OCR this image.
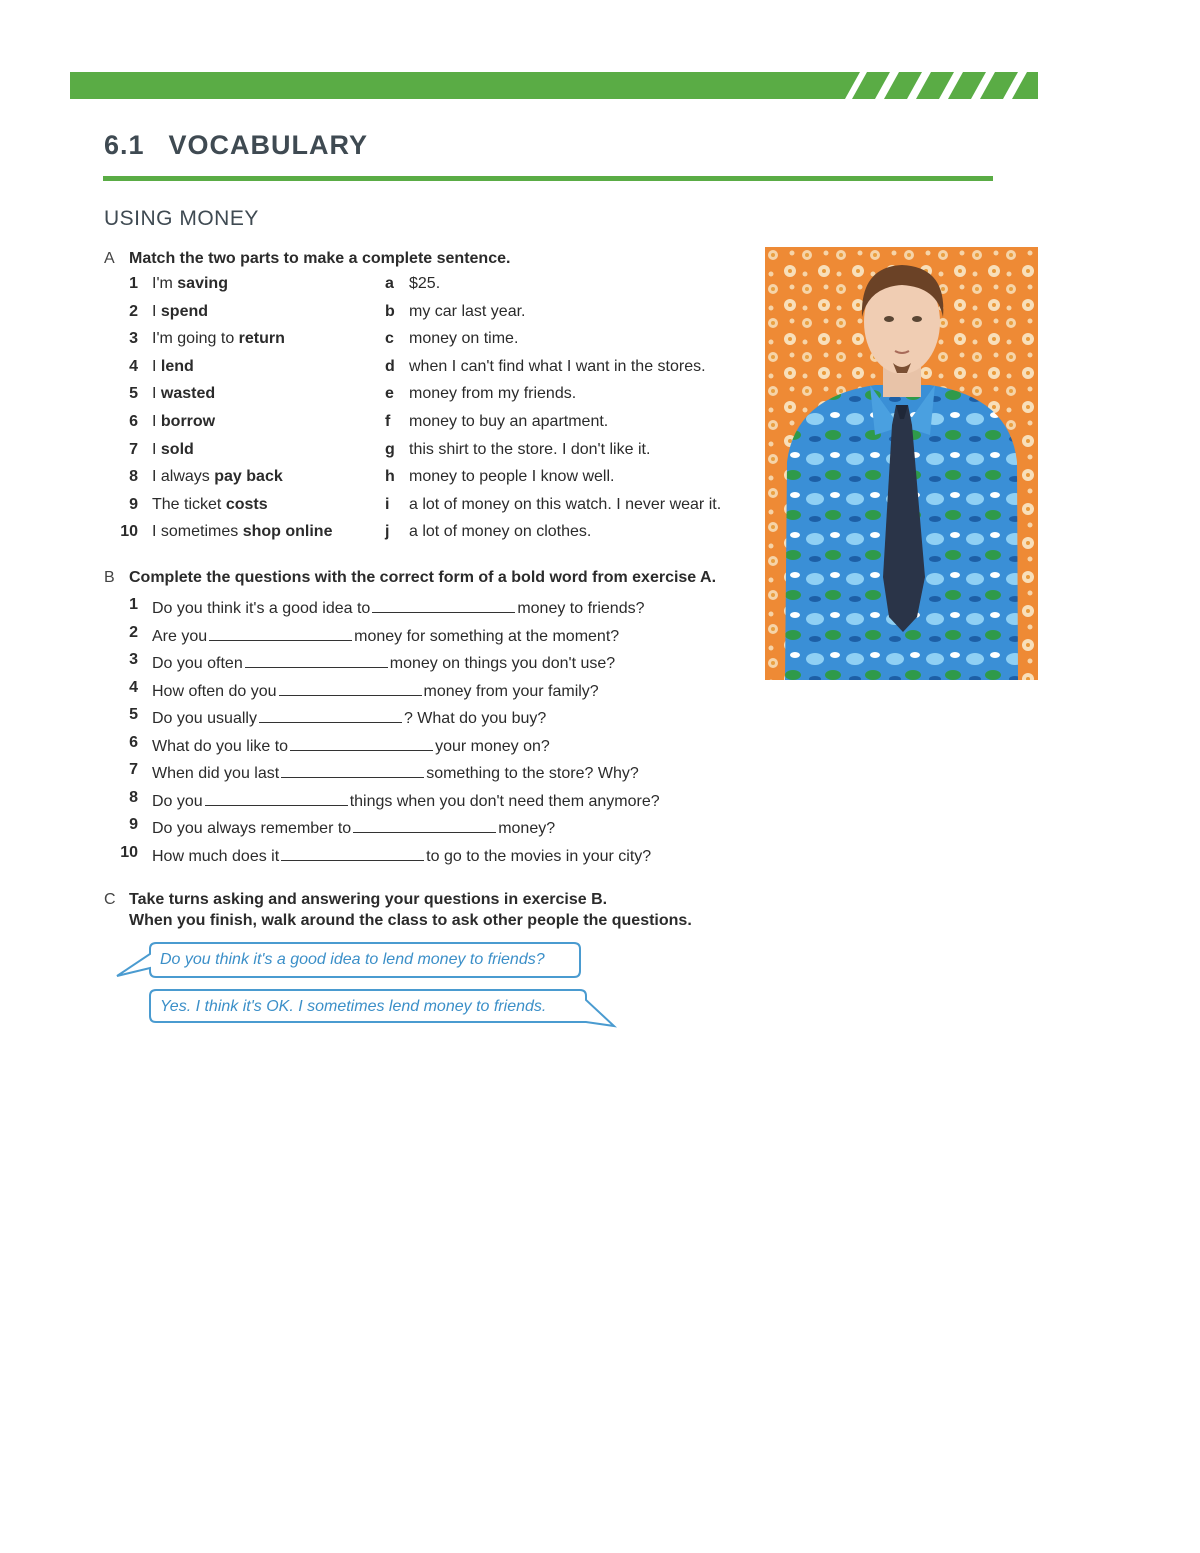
6.1 VOCABULARY
USING MONEY
A Match the two parts to make a complete sentence.
1 I'm saving	a $25.
2 I spend	b my car last year.
3 I'm going to return	c money on time.
4 I lend	d when I can't find what I want in the stores.
5 I wasted	e money from my friends.
6 I borrow	f money to buy an apartment.
7 I sold	g this shirt to the store. I don't like it.
8 I always pay back	h money to people I know well.
9 The ticket costs	i a lot of money on this watch. I never wear it.
10 I sometimes shop online	j a lot of money on clothes.
B Complete the questions with the correct form of a bold word from exercise A.
1 Do you think it's a good idea to	money to friends?
2 Are you	money for something at the moment?
3 Do you often	money on things you don't use?
4 How often do you	money from your family?
5 Do you usually	? What do you buy?
6 What do you like to	your money on?
7 When did you last	something to the store? Why?
8 Do you	things when you don't need them anymore?
9 Do you always remember to	money?
10 How much does it	to go to the movies in your city?
C Take turns asking and answering your questions in exercise B.
When you finish, walk around the class to ask other people the questions.
Do you think it's a good idea to lend money to friends?
Yes. I think it's OK. I sometimes lend money to friends.
